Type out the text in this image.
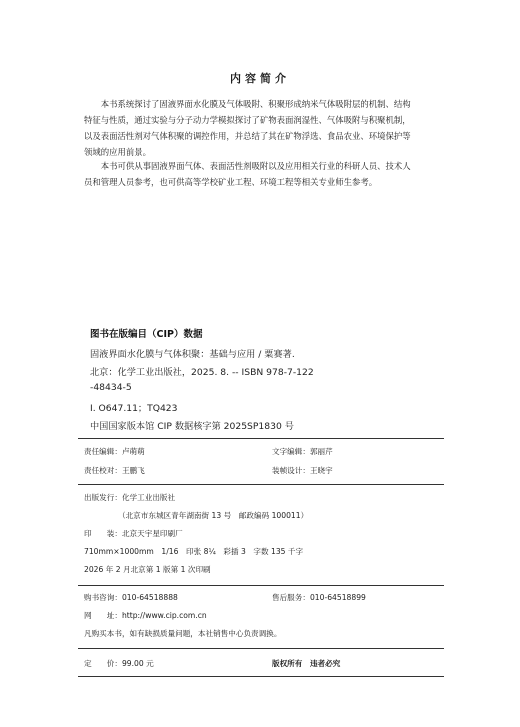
内容简介
　　本书系统探讨了固液界面水化膜及气体吸附、积聚形成纳米气体吸附层的机制、结构
特征与性质，通过实验与分子动力学模拟探讨了矿物表面润湿性、气体吸附与积聚机制，
以及表面活性剂对气体积聚的调控作用，并总结了其在矿物浮选、食品农业、环境保护等
领域的应用前景。
　　本书可供从事固液界面气体、表面活性剂吸附以及应用相关行业的科研人员、技术人
员和管理人员参考，也可供高等学校矿业工程、环境工程等相关专业师生参考。
图书在版编目（CIP）数据
固液界面水化膜与气体积聚：基础与应用 / 粟赛著.
北京：化学工业出版社，2025. 8. -- ISBN 978-7-122
-48434-5
Ⅰ. O647.11；TQ423
中国国家版本馆 CIP 数据核字第 2025SP1830 号
责任编辑：卢萌萌	文字编辑：郭丽芹
责任校对：王鹏飞	装帧设计：王晓宇
出版发行：化学工业出版社
（北京市东城区青年湖南街 13 号　邮政编码 100011）
印　　装：北京天宇星印刷厂
710mm×1000mm　1/16　印张 8¼　彩插 3　字数 135 千字
2026 年 2 月北京第 1 版第 1 次印刷
购书咨询：010-64518888	售后服务：010-64518899
网　　址：http://www.cip.com.cn
凡购买本书，如有缺损质量问题，本社销售中心负责调换。
定　　价：99.00 元	版权所有　违者必究
